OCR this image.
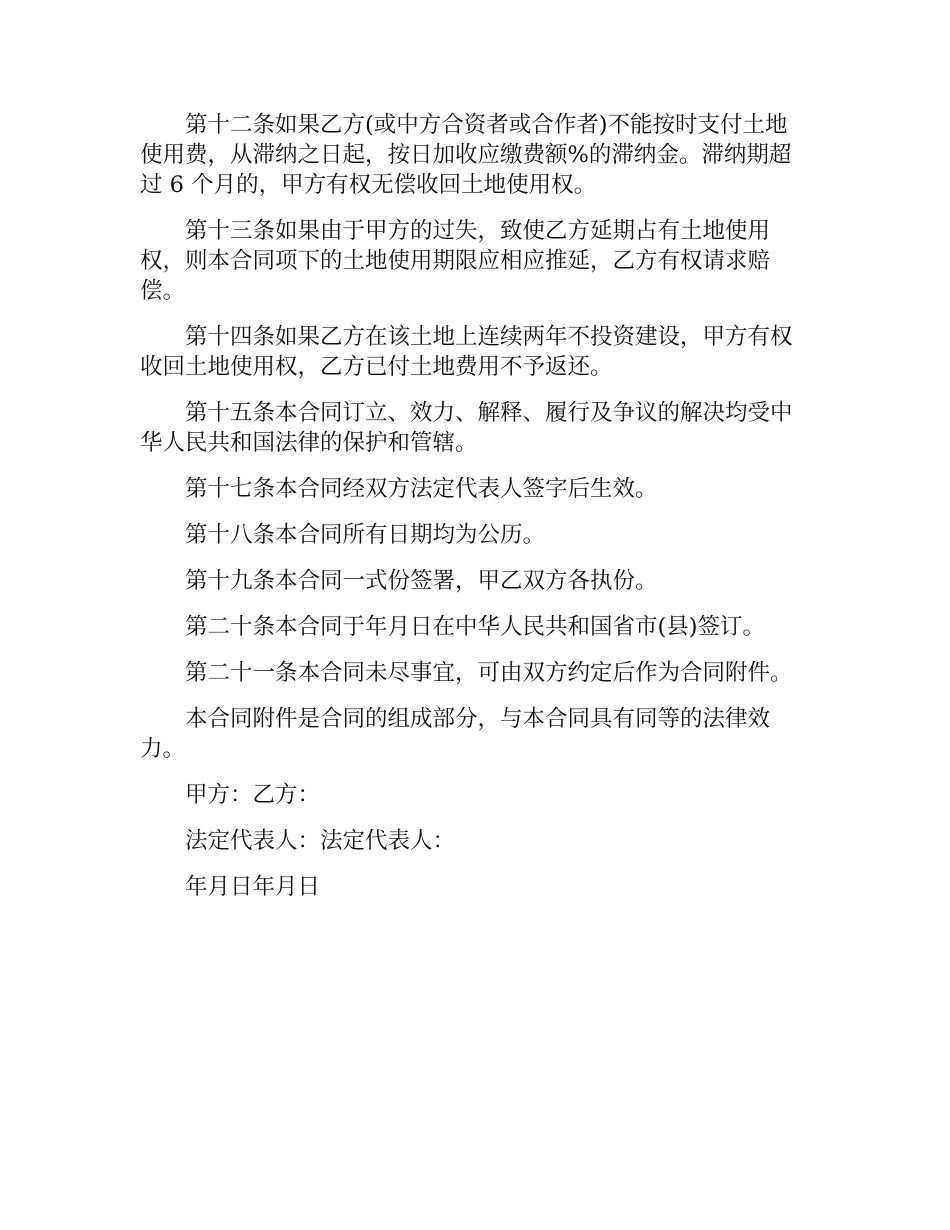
第十二条如果乙方(或中方合资者或合作者)不能按时支付土地使用费，从滞纳之日起，按日加收应缴费额%的滞纳金。滞纳期超过 6 个月的，甲方有权无偿收回土地使用权。

第十三条如果由于甲方的过失，致使乙方延期占有土地使用权，则本合同项下的土地使用期限应相应推延，乙方有权请求赔偿。

第十四条如果乙方在该土地上连续两年不投资建设，甲方有权收回土地使用权，乙方已付土地费用不予返还。

第十五条本合同订立、效力、解释、履行及争议的解决均受中华人民共和国法律的保护和管辖。

第十七条本合同经双方法定代表人签字后生效。

第十八条本合同所有日期均为公历。

第十九条本合同一式份签署，甲乙双方各执份。

第二十条本合同于年月日在中华人民共和国省市(县)签订。

第二十一条本合同未尽事宜，可由双方约定后作为合同附件。

本合同附件是合同的组成部分，与本合同具有同等的法律效力。

甲方：乙方：

法定代表人：法定代表人：

年月日年月日
